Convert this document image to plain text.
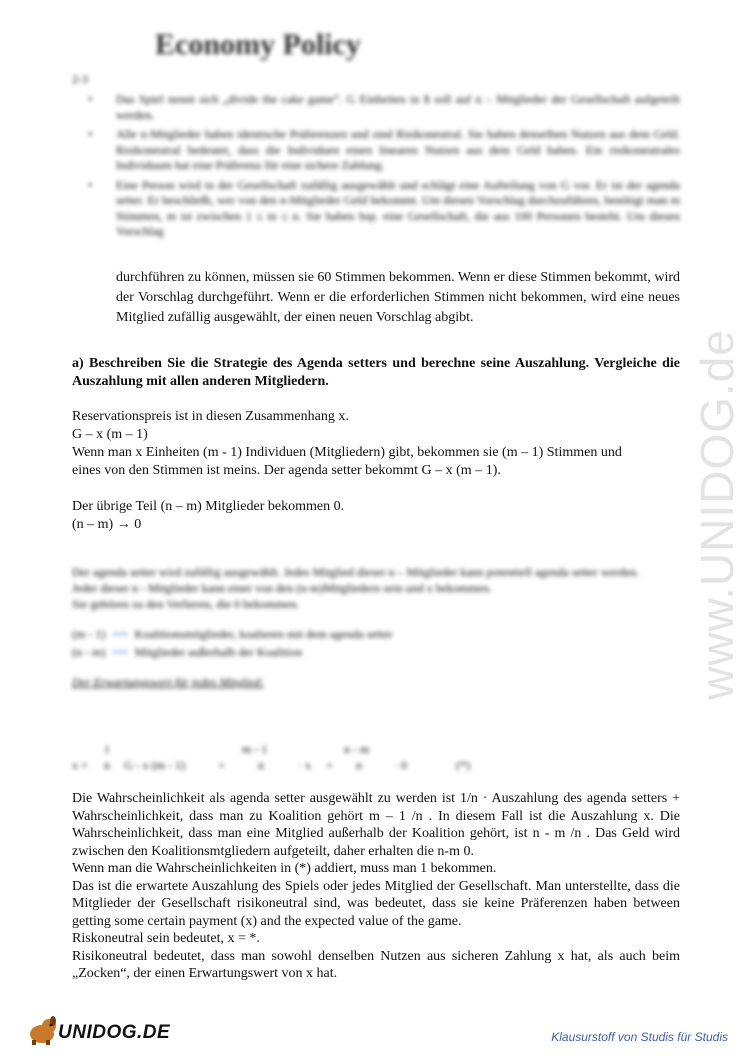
Economy Policy
2-3
•	Das Spiel nennt sich „divide the cake game“. G Einheiten in $ soll auf n – Mitglieder der Gesellschaft aufgeteilt werden.
•	Alle n-Mitglieder haben identische Präferenzen und sind Risikoneutral. Sie haben denselben Nutzen aus dem Geld. Risikoneutral bedeutet, dass die Individuen einen linearen Nutzen aus dem Geld haben. Ein risikoneutrales Individuum hat eine Präferenz für eine sichere Zahlung.
•	Eine Person wird in der Gesellschaft zufällig ausgewählt und schlägt eine Aufteilung von G vor. Er ist der agenda setter. Er beschließt, wer von den n-Mitglieder Geld bekommt. Um diesen Vorschlag durchzuführen, benötigt man m Stimmen, m ist zwischen 1 ≤ m ≤ n. Sie haben bsp. eine Gesellschaft, die aus 100 Personen besteht. Um diesen Vorschlag
durchführen zu können, müssen sie 60 Stimmen bekommen. Wenn er diese Stimmen bekommt, wird der Vorschlag durchgeführt. Wenn er die erforderlichen Stimmen nicht bekommen, wird eine neues Mitglied zufällig ausgewählt, der einen neuen Vorschlag abgibt.
a) Beschreiben Sie die Strategie des Agenda setters und berechne seine Auszahlung. Vergleiche die Auszahlung mit allen anderen Mitgliedern.
Reservationspreis ist in diesen Zusammenhang x.
G – x (m – 1)
Wenn man x Einheiten (m - 1) Individuen (Mitgliedern) gibt, bekommen sie (m – 1) Stimmen und
eines von den Stimmen ist meins. Der agenda setter bekommt G – x (m – 1).
Der übrige Teil (n – m) Mitglieder bekommen 0.
(n – m) → 0
Der agenda setter wird zufällig ausgewählt. Jedes Mitglied dieser n – Mitglieder kann potentiell agenda setter werden.
Jeder dieser n - Mitglieder kann einer von den (n-m)Mitgliedern sein und x bekommen.
Sie gehören zu den Verlieren, die 0 bekommen.
(m - 1) ⟹ Koalitionsmitglieder, koalieren mit dem agenda setter
(n - m) ⟹ Mitglieder außerhalb der Koalition
Der Erwartungswert für jedes Mitglied:
x =
1
n G - x (m - 1)	+
m - 1
n	· x +
n - m
n	· 0	(*)
Die Wahrscheinlichkeit als agenda setter ausgewählt zu werden ist 1/n · Auszahlung des agenda setters + Wahrscheinlichkeit, dass man zu Koalition gehört m – 1 /n . In diesem Fall ist die Auszahlung x. Die Wahrscheinlichkeit, dass man eine Mitglied außerhalb der Koalition gehört, ist n - m /n . Das Geld wird zwischen den Koalitionsmtgliedern aufgeteilt, daher erhalten die n-m 0.
Wenn man die Wahrscheinlichkeiten in (*) addiert, muss man 1 bekommen.
Das ist die erwartete Auszahlung des Spiels oder jedes Mitglied der Gesellschaft. Man unterstellte, dass die Mitglieder der Gesellschaft risikoneutral sind, was bedeutet, dass sie keine Präferenzen haben between getting some certain payment (x) and the expected value of the game.
Riskoneutral sein bedeutet, x = *.
Risikoneutral bedeutet, dass man sowohl denselben Nutzen aus sicheren Zahlung x hat, als auch beim „Zocken“, der einen Erwartungswert von x hat.
www.UNIDOG.de
UNIDOG.DE	Klausurstoff von Studis für Studis
